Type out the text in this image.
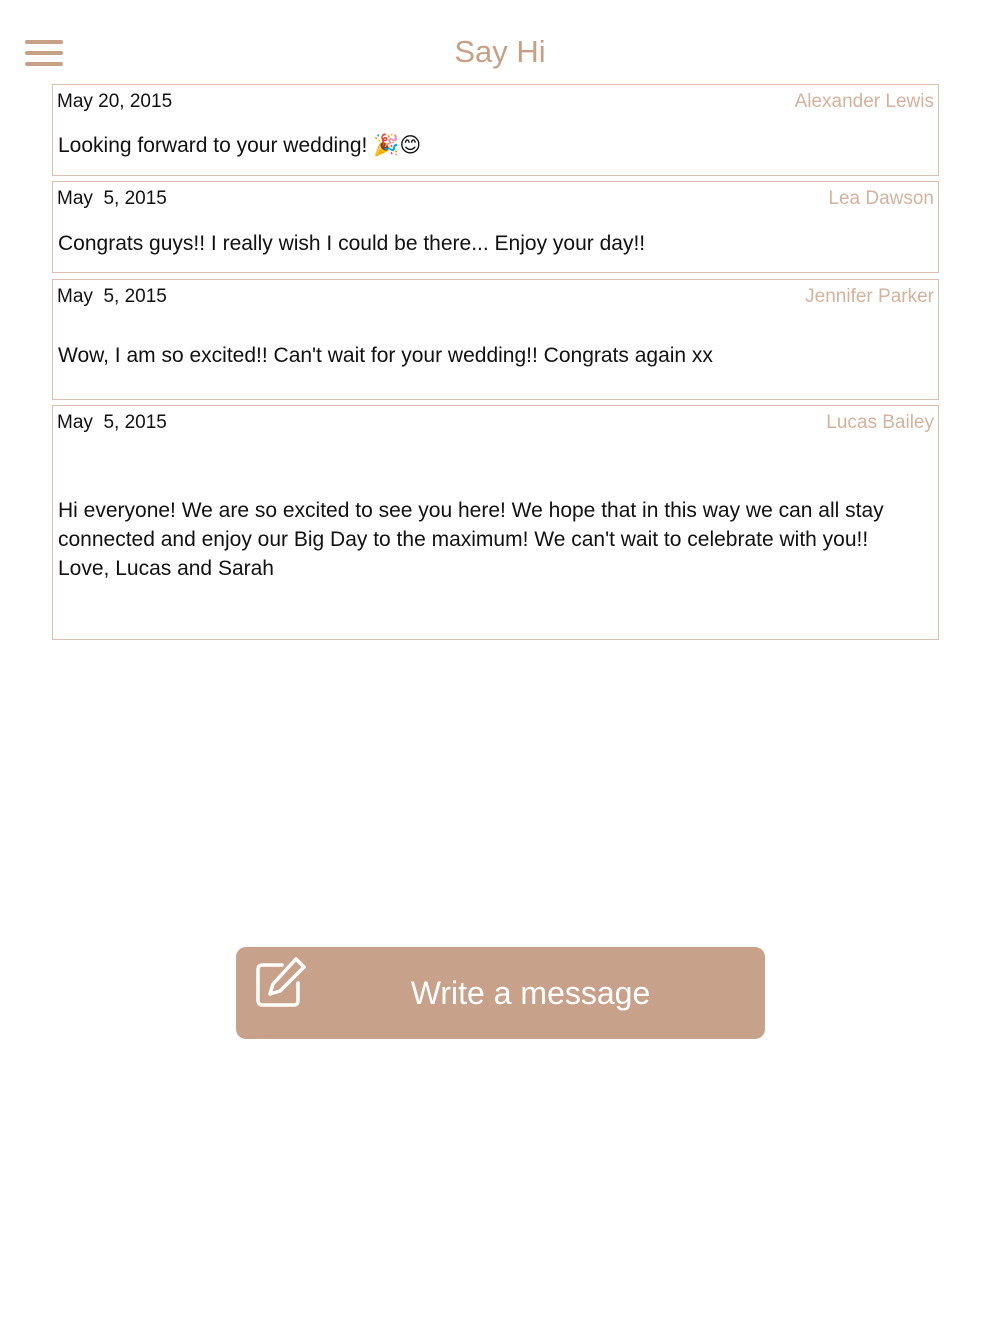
Say Hi
May 20, 2015	Alexander Lewis
Looking forward to your wedding! 🎉😊
May  5, 2015	Lea Dawson
Congrats guys!! I really wish I could be there... Enjoy your day!!
May  5, 2015	Jennifer Parker
Wow, I am so excited!! Can't wait for your wedding!! Congrats again xx
May  5, 2015	Lucas Bailey
Hi everyone! We are so excited to see you here! We hope that in this way we can all stay connected and enjoy our Big Day to the maximum! We can't wait to celebrate with you!!
Love, Lucas and Sarah
Write a message
